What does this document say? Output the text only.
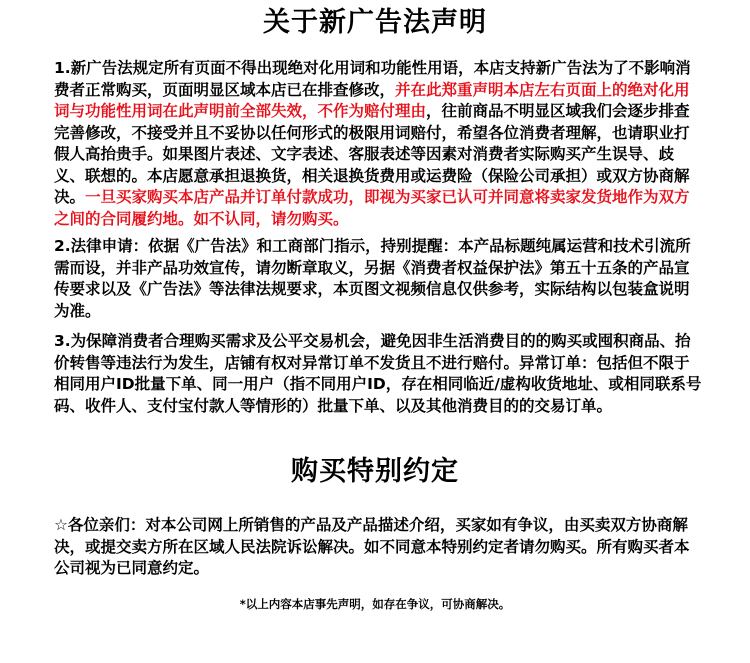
关于新广告法声明

1.新广告法规定所有页面不得出现绝对化用词和功能性用语，本店支持新广告法为了不影响消费者正常购买，页面明显区域本店已在排查修改，并在此郑重声明本店左右页面上的绝对化用词与功能性用词在此声明前全部失效，不作为赔付理由，往前商品不明显区域我们会逐步排查完善修改，不接受并且不妥协以任何形式的极限用词赔付，希望各位消费者理解，也请职业打假人高抬贵手。如果图片表述、文字表述、客服表述等因素对消费者实际购买产生误导、歧义、联想的。本店愿意承担退换货，相关退换货费用或运费险（保险公司承担）或双方协商解决。一旦买家购买本店产品并订单付款成功，即视为买家已认可并同意将卖家发货地作为双方之间的合同履约地。如不认同，请勿购买。

2.法律申请：依据《广告法》和工商部门指示，持别提醒：本产品标题纯属运营和技术引流所需而设，并非产品功效宣传，请勿断章取义，另据《消费者权益保护法》第五十五条的产品宣传要求以及《广告法》等法律法规要求，本页图文视频信息仅供参考，实际结构以包装盒说明为准。

3.为保障消费者合理购买需求及公平交易机会，避免因非生活消费目的的购买或囤积商品、抬价转售等违法行为发生，店铺有权对异常订单不发货且不进行赔付。异常订单：包括但不限于相同用户ID批量下单、同一用户（指不同用户ID，存在相同临近/虚构收货地址、或相同联系号码、收件人、支付宝付款人等情形的）批量下单、以及其他消费目的的交易订单。

购买特别约定

☆各位亲们：对本公司网上所销售的产品及产品描述介绍，买家如有争议，由买卖双方协商解决，或提交卖方所在区域人民法院诉讼解决。如不同意本特别约定者请勿购买。所有购买者本公司视为已同意约定。

*以上内容本店事先声明，如存在争议，可协商解决。
